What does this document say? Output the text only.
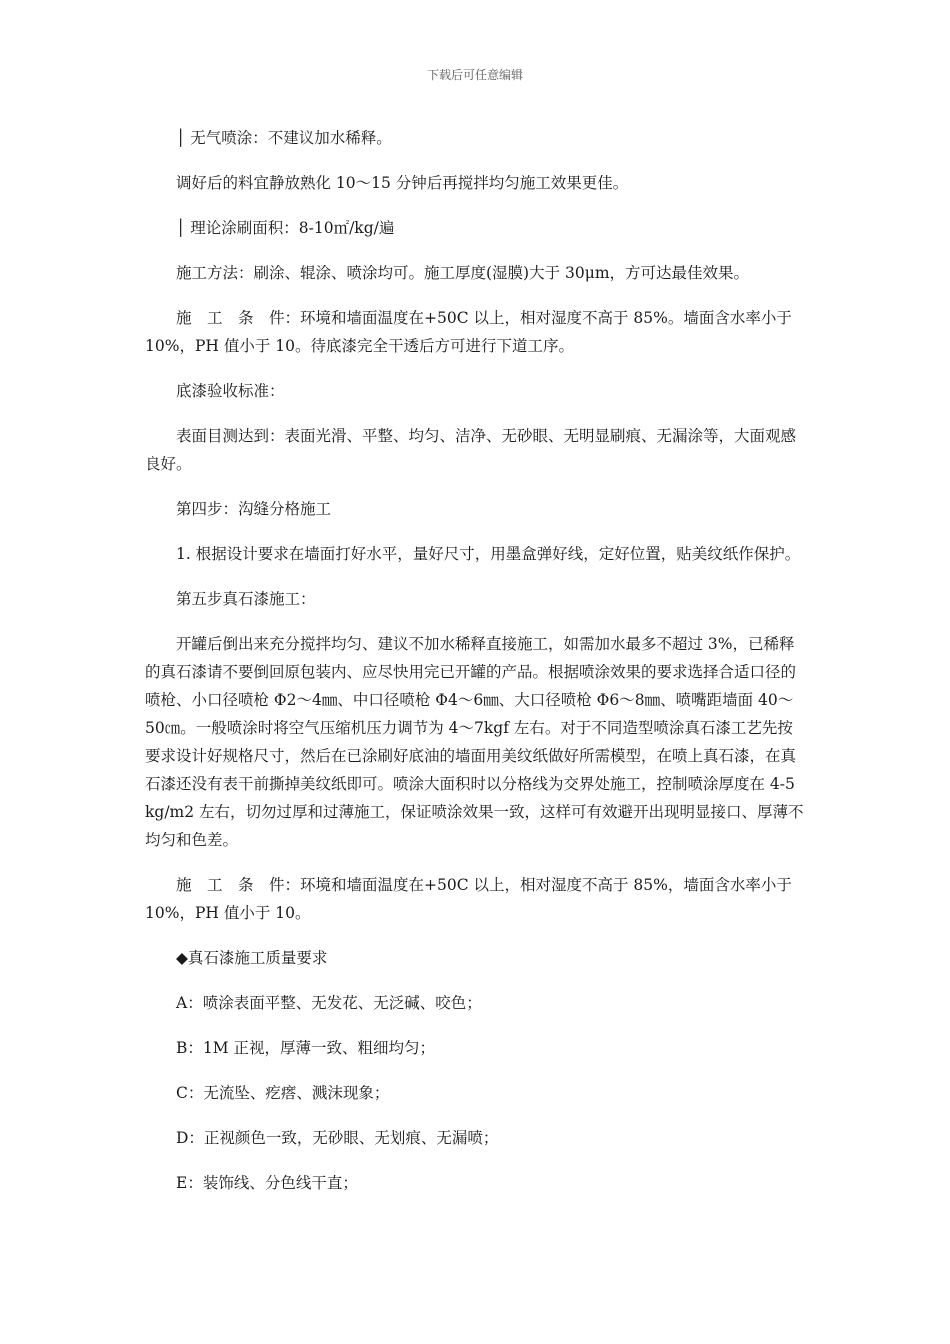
下载后可任意编辑

│ 无气喷涂：不建议加水稀释。

调好后的料宜静放熟化 10～15 分钟后再搅拌均匀施工效果更佳。

│ 理论涂刷面积：8-10㎡/kg/遍

施工方法：刷涂、辊涂、喷涂均可。施工厚度(湿膜)大于 30μm，方可达最佳效果。

施　工　条　件：环境和墙面温度在+50C 以上，相对湿度不高于 85%。墙面含水率小于 10%，PH 值小于 10。待底漆完全干透后方可进行下道工序。

底漆验收标准：

表面目测达到：表面光滑、平整、均匀、洁净、无砂眼、无明显刷痕、无漏涂等，大面观感良好。

第四步：沟缝分格施工

1. 根据设计要求在墙面打好水平，量好尺寸，用墨盒弹好线，定好位置，贴美纹纸作保护。

第五步真石漆施工：

开罐后倒出来充分搅拌均匀、建议不加水稀释直接施工，如需加水最多不超过 3%，已稀释的真石漆请不要倒回原包装内、应尽快用完已开罐的产品。根据喷涂效果的要求选择合适口径的喷枪、小口径喷枪 Φ2～4㎜、中口径喷枪 Φ4～6㎜、大口径喷枪 Φ6～8㎜、喷嘴距墙面 40～50㎝。一般喷涂时将空气压缩机压力调节为 4～7kgf 左右。对于不同造型喷涂真石漆工艺先按要求设计好规格尺寸，然后在已涂刷好底油的墙面用美纹纸做好所需模型，在喷上真石漆，在真石漆还没有表干前撕掉美纹纸即可。喷涂大面积时以分格线为交界处施工，控制喷涂厚度在 4-5 kg/m2 左右，切勿过厚和过薄施工，保证喷涂效果一致，这样可有效避开出现明显接口、厚薄不均匀和色差。

施　工　条　件：环境和墙面温度在+50C 以上，相对湿度不高于 85%，墙面含水率小于 10%，PH 值小于 10。

◆真石漆施工质量要求

A：喷涂表面平整、无发花、无泛碱、咬色；

B：1M 正视，厚薄一致、粗细均匀；

C：无流坠、疙瘩、溅沫现象；

D：正视颜色一致，无砂眼、无划痕、无漏喷；

E：装饰线、分色线干直；
